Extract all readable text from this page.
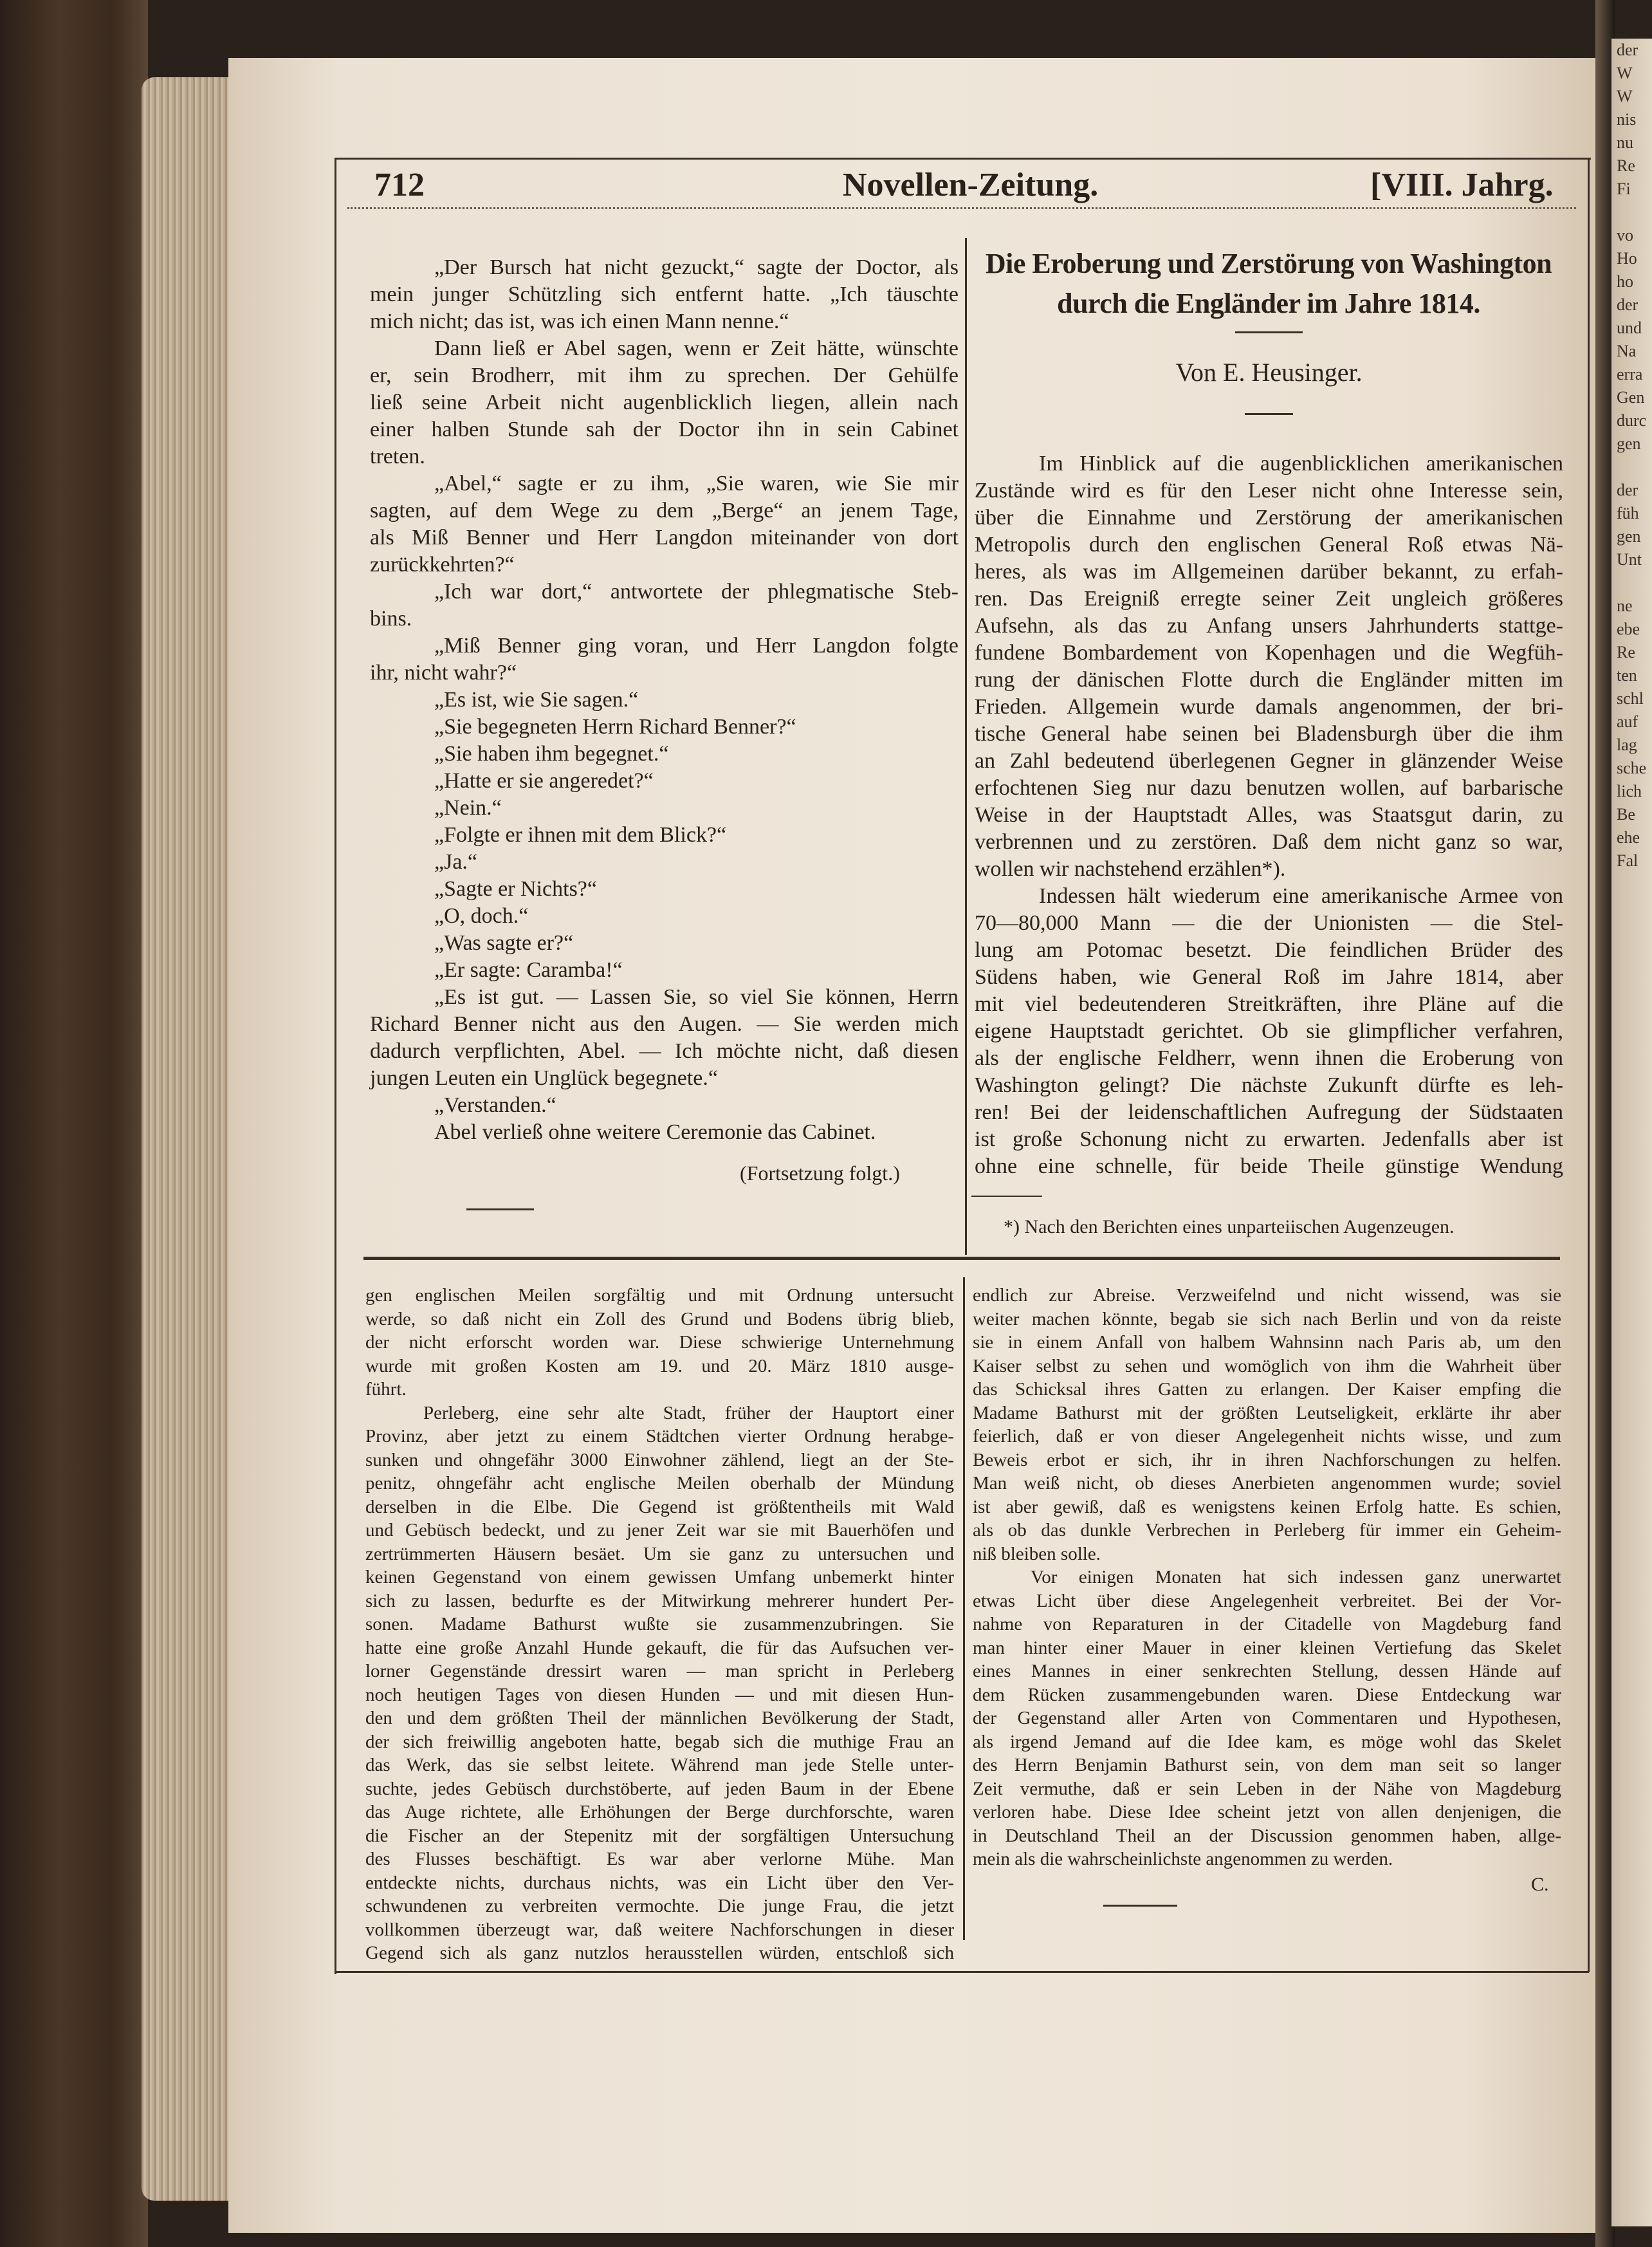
der
W
W
nis
nu
Re
Fi

vo
Ho
ho
der
und
Na
erra
Gen
durc
gen

der
füh
gen
Unt

ne
ebe
Re
ten
schl
auf
lag
sche
lich
Be
ehe
Fal
712	Novellen-Zeitung.	[VIII. Jahrg.
„Der Bursch hat nicht gezuckt,“ sagte der Doctor, als
mein junger Schützling sich entfernt hatte. „Ich täuschte
mich nicht; das ist, was ich einen Mann nenne.“
Dann ließ er Abel sagen, wenn er Zeit hätte, wünschte
er, sein Brodherr, mit ihm zu sprechen. Der Gehülfe
ließ seine Arbeit nicht augenblicklich liegen, allein nach
einer halben Stunde sah der Doctor ihn in sein Cabinet
treten.
„Abel,“ sagte er zu ihm, „Sie waren, wie Sie mir
sagten, auf dem Wege zu dem „Berge“ an jenem Tage,
als Miß Benner und Herr Langdon miteinander von dort
zurückkehrten?“
„Ich war dort,“ antwortete der phlegmatische Steb-
bins.
„Miß Benner ging voran, und Herr Langdon folgte
ihr, nicht wahr?“
„Es ist, wie Sie sagen.“
„Sie begegneten Herrn Richard Benner?“
„Sie haben ihm begegnet.“
„Hatte er sie angeredet?“
„Nein.“
„Folgte er ihnen mit dem Blick?“
„Ja.“
„Sagte er Nichts?“
„O, doch.“
„Was sagte er?“
„Er sagte: Caramba!“
„Es ist gut. — Lassen Sie, so viel Sie können, Herrn
Richard Benner nicht aus den Augen. — Sie werden mich
dadurch verpflichten, Abel. — Ich möchte nicht, daß diesen
jungen Leuten ein Unglück begegnete.“
„Verstanden.“
Abel verließ ohne weitere Ceremonie das Cabinet.
(Fortsetzung folgt.)
Die Eroberung und Zerstörung von Washington
durch die Engländer im Jahre 1814.
Von E. Heusinger.
Im Hinblick auf die augenblicklichen amerikanischen
Zustände wird es für den Leser nicht ohne Interesse sein,
über die Einnahme und Zerstörung der amerikanischen
Metropolis durch den englischen General Roß etwas Nä-
heres, als was im Allgemeinen darüber bekannt, zu erfah-
ren. Das Ereigniß erregte seiner Zeit ungleich größeres
Aufsehn, als das zu Anfang unsers Jahrhunderts stattge-
fundene Bombardement von Kopenhagen und die Wegfüh-
rung der dänischen Flotte durch die Engländer mitten im
Frieden. Allgemein wurde damals angenommen, der bri-
tische General habe seinen bei Bladensburgh über die ihm
an Zahl bedeutend überlegenen Gegner in glänzender Weise
erfochtenen Sieg nur dazu benutzen wollen, auf barbarische
Weise in der Hauptstadt Alles, was Staatsgut darin, zu
verbrennen und zu zerstören. Daß dem nicht ganz so war,
wollen wir nachstehend erzählen*).
Indessen hält wiederum eine amerikanische Armee von
70—80,000 Mann — die der Unionisten — die Stel-
lung am Potomac besetzt. Die feindlichen Brüder des
Südens haben, wie General Roß im Jahre 1814, aber
mit viel bedeutenderen Streitkräften, ihre Pläne auf die
eigene Hauptstadt gerichtet. Ob sie glimpflicher verfahren,
als der englische Feldherr, wenn ihnen die Eroberung von
Washington gelingt? Die nächste Zukunft dürfte es leh-
ren! Bei der leidenschaftlichen Aufregung der Südstaaten
ist große Schonung nicht zu erwarten. Jedenfalls aber ist
ohne eine schnelle, für beide Theile günstige Wendung
*) Nach den Berichten eines unparteiischen Augenzeugen.
gen englischen Meilen sorgfältig und mit Ordnung untersucht
werde, so daß nicht ein Zoll des Grund und Bodens übrig blieb,
der nicht erforscht worden war. Diese schwierige Unternehmung
wurde mit großen Kosten am 19. und 20. März 1810 ausge-
führt.
Perleberg, eine sehr alte Stadt, früher der Hauptort einer
Provinz, aber jetzt zu einem Städtchen vierter Ordnung herabge-
sunken und ohngefähr 3000 Einwohner zählend, liegt an der Ste-
penitz, ohngefähr acht englische Meilen oberhalb der Mündung
derselben in die Elbe. Die Gegend ist größtentheils mit Wald
und Gebüsch bedeckt, und zu jener Zeit war sie mit Bauerhöfen und
zertrümmerten Häusern besäet. Um sie ganz zu untersuchen und
keinen Gegenstand von einem gewissen Umfang unbemerkt hinter
sich zu lassen, bedurfte es der Mitwirkung mehrerer hundert Per-
sonen. Madame Bathurst wußte sie zusammenzubringen. Sie
hatte eine große Anzahl Hunde gekauft, die für das Aufsuchen ver-
lorner Gegenstände dressirt waren — man spricht in Perleberg
noch heutigen Tages von diesen Hunden — und mit diesen Hun-
den und dem größten Theil der männlichen Bevölkerung der Stadt,
der sich freiwillig angeboten hatte, begab sich die muthige Frau an
das Werk, das sie selbst leitete. Während man jede Stelle unter-
suchte, jedes Gebüsch durchstöberte, auf jeden Baum in der Ebene
das Auge richtete, alle Erhöhungen der Berge durchforschte, waren
die Fischer an der Stepenitz mit der sorgfältigen Untersuchung
des Flusses beschäftigt. Es war aber verlorne Mühe. Man
entdeckte nichts, durchaus nichts, was ein Licht über den Ver-
schwundenen zu verbreiten vermochte. Die junge Frau, die jetzt
vollkommen überzeugt war, daß weitere Nachforschungen in dieser
Gegend sich als ganz nutzlos herausstellen würden, entschloß sich
endlich zur Abreise. Verzweifelnd und nicht wissend, was sie
weiter machen könnte, begab sie sich nach Berlin und von da reiste
sie in einem Anfall von halbem Wahnsinn nach Paris ab, um den
Kaiser selbst zu sehen und womöglich von ihm die Wahrheit über
das Schicksal ihres Gatten zu erlangen. Der Kaiser empfing die
Madame Bathurst mit der größten Leutseligkeit, erklärte ihr aber
feierlich, daß er von dieser Angelegenheit nichts wisse, und zum
Beweis erbot er sich, ihr in ihren Nachforschungen zu helfen.
Man weiß nicht, ob dieses Anerbieten angenommen wurde; soviel
ist aber gewiß, daß es wenigstens keinen Erfolg hatte. Es schien,
als ob das dunkle Verbrechen in Perleberg für immer ein Geheim-
niß bleiben solle.
Vor einigen Monaten hat sich indessen ganz unerwartet
etwas Licht über diese Angelegenheit verbreitet. Bei der Vor-
nahme von Reparaturen in der Citadelle von Magdeburg fand
man hinter einer Mauer in einer kleinen Vertiefung das Skelet
eines Mannes in einer senkrechten Stellung, dessen Hände auf
dem Rücken zusammengebunden waren. Diese Entdeckung war
der Gegenstand aller Arten von Commentaren und Hypothesen,
als irgend Jemand auf die Idee kam, es möge wohl das Skelet
des Herrn Benjamin Bathurst sein, von dem man seit so langer
Zeit vermuthe, daß er sein Leben in der Nähe von Magdeburg
verloren habe. Diese Idee scheint jetzt von allen denjenigen, die
in Deutschland Theil an der Discussion genommen haben, allge-
mein als die wahrscheinlichste angenommen zu werden.
C.
